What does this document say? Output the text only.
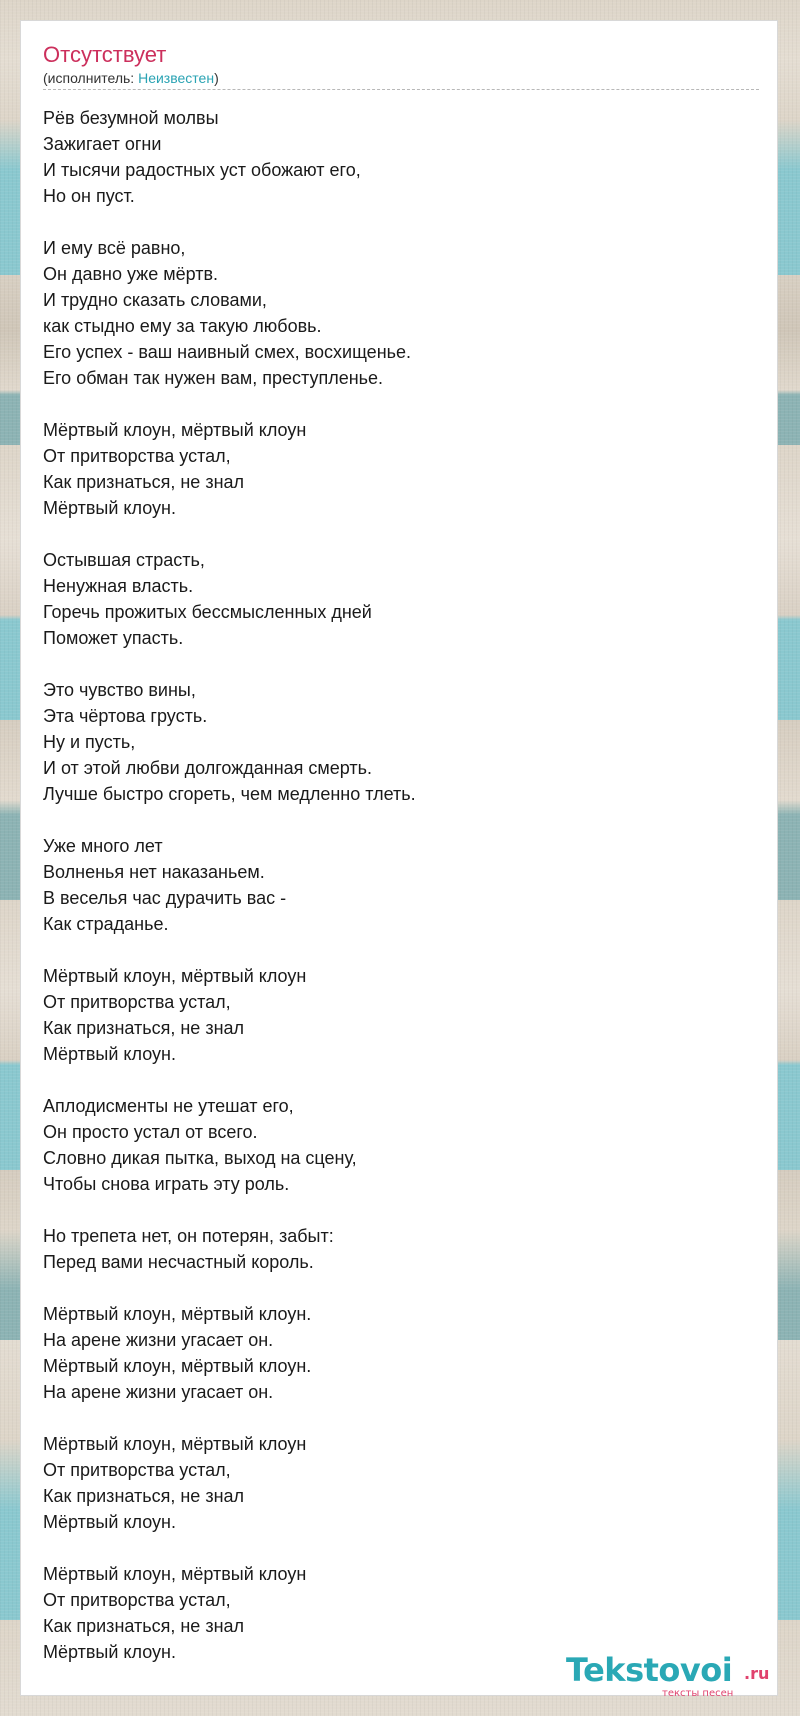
Отсутствует
(исполнитель: Неизвестен)
Рёв безумной молвы
Зажигает огни
И тысячи радостных уст обожают его,
Но он пуст.
И ему всё равно,
Он давно уже мёртв.
И трудно сказать словами,
как стыдно ему за такую любовь.
Его успех - ваш наивный смех, восхищенье.
Его обман так нужен вам, преступленье.
Мёртвый клоун, мёртвый клоун
От притворства устал,
Как признаться, не знал
Мёртвый клоун.
Остывшая страсть,
Ненужная власть.
Горечь прожитых бессмысленных дней
Поможет упасть.
Это чувство вины,
Эта чёртова грусть.
Ну и пусть,
И от этой любви долгожданная смерть.
Лучше быстро сгореть, чем медленно тлеть.
Уже много лет
Волненья нет наказаньем.
В веселья час дурачить вас -
Как страданье.
Мёртвый клоун, мёртвый клоун
От притворства устал,
Как признаться, не знал
Мёртвый клоун.
Аплодисменты не утешат его,
Он просто устал от всего.
Словно дикая пытка, выход на сцену,
Чтобы снова играть эту роль.
Но трепета нет, он потерян, забыт:
Перед вами несчастный король.
Мёртвый клоун, мёртвый клоун.
На арене жизни угасает он.
Мёртвый клоун, мёртвый клоун.
На арене жизни угасает он.
Мёртвый клоун, мёртвый клоун
От притворства устал,
Как признаться, не знал
Мёртвый клоун.
Мёртвый клоун, мёртвый клоун
От притворства устал,
Как признаться, не знал
Мёртвый клоун.	Tekstovoi .ru
тексты песен
